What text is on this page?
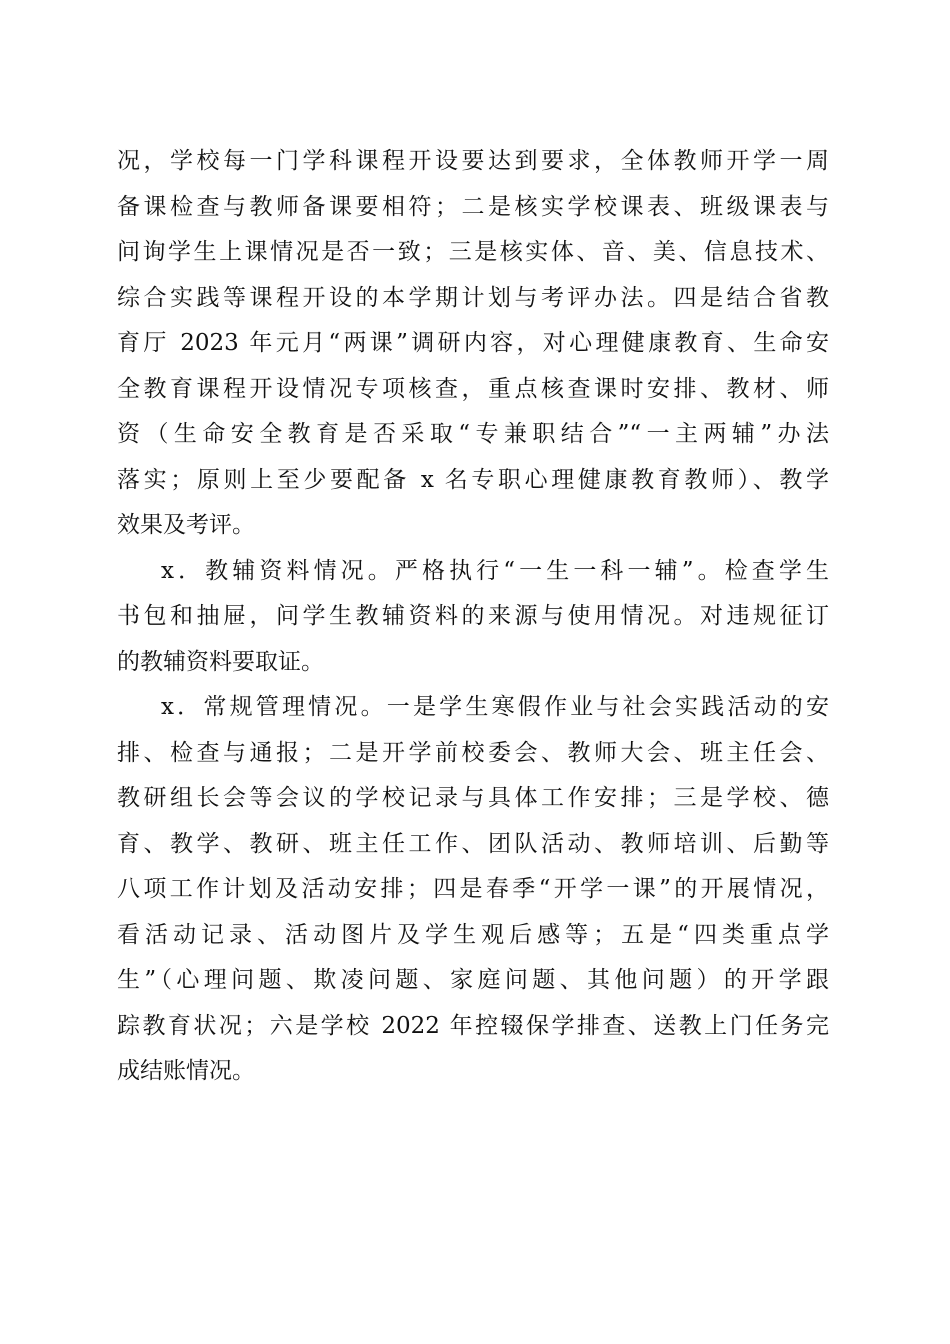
况，学校每一门学科课程开设要达到要求，全体教师开学一周
备课检查与教师备课要相符；二是核实学校课表、班级课表与
问询学生上课情况是否一致；三是核实体、音、美、信息技术、
综合实践等课程开设的本学期计划与考评办法。四是结合省教
育厅 2023 年元月“两课”调研内容，对心理健康教育、生命安
全教育课程开设情况专项核查，重点核查课时安排、教材、师
资（生命安全教育是否采取“专兼职结合”“一主两辅”办法
落实；原则上至少要配备 x 名专职心理健康教育教师）、教学
效果及考评。
x．教辅资料情况。严格执行“一生一科一辅”。检查学生
书包和抽屉，问学生教辅资料的来源与使用情况。对违规征订
的教辅资料要取证。
x．常规管理情况。一是学生寒假作业与社会实践活动的安
排、检查与通报；二是开学前校委会、教师大会、班主任会、
教研组长会等会议的学校记录与具体工作安排；三是学校、德
育、教学、教研、班主任工作、团队活动、教师培训、后勤等
八项工作计划及活动安排；四是春季“开学一课”的开展情况，
看活动记录、活动图片及学生观后感等；五是“四类重点学
生”（心理问题、欺凌问题、家庭问题、其他问题）的开学跟
踪教育状况；六是学校 2022 年控辍保学排查、送教上门任务完
成结账情况。
